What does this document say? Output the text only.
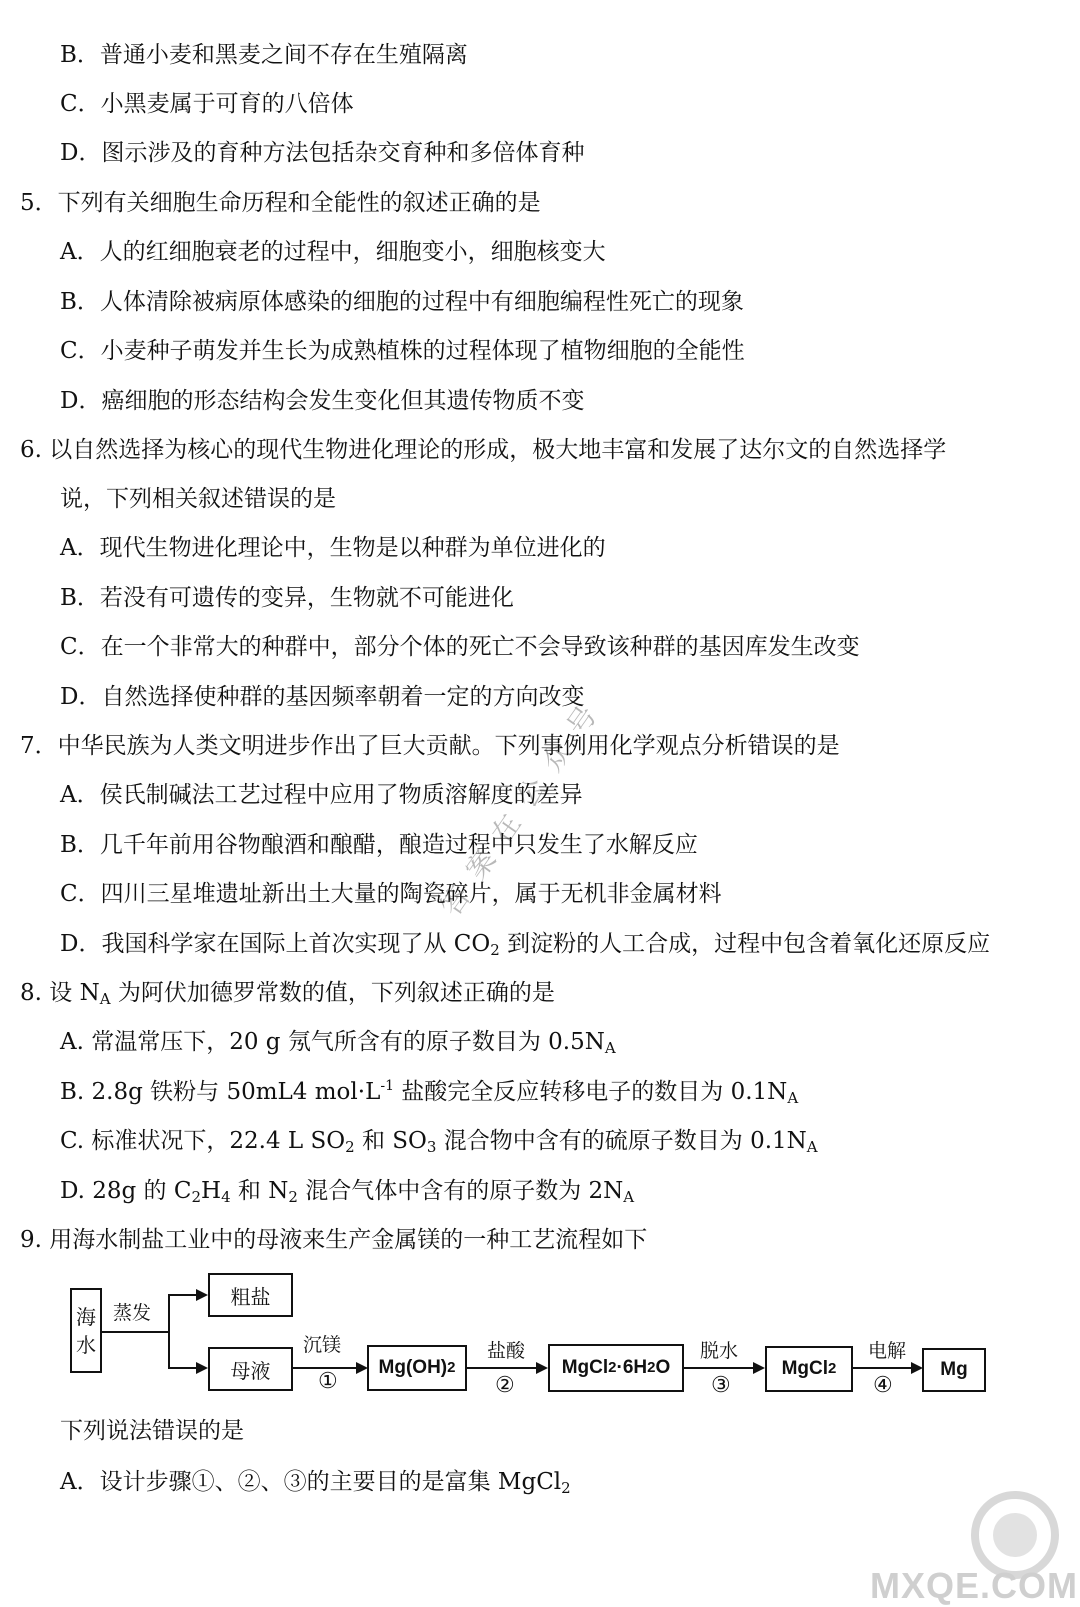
B．普通小麦和黑麦之间不存在生殖隔离
C．小黑麦属于可育的八倍体
D．图示涉及的育种方法包括杂交育种和多倍体育种
5．下列有关细胞生命历程和全能性的叙述正确的是
A．人的红细胞衰老的过程中，细胞变小，细胞核变大
B．人体清除被病原体感染的细胞的过程中有细胞编程性死亡的现象
C．小麦种子萌发并生长为成熟植株的过程体现了植物细胞的全能性
D．癌细胞的形态结构会发生变化但其遗传物质不变
6. 以自然选择为核心的现代生物进化理论的形成，极大地丰富和发展了达尔文的自然选择学
说，下列相关叙述错误的是
A．现代生物进化理论中，生物是以种群为单位进化的
B．若没有可遗传的变异，生物就不可能进化
C．在一个非常大的种群中，部分个体的死亡不会导致该种群的基因库发生改变
D．自然选择使种群的基因频率朝着一定的方向改变
7．中华民族为人类文明进步作出了巨大贡献。下列事例用化学观点分析错误的是
A．侯氏制碱法工艺过程中应用了物质溶解度的差异
B．几千年前用谷物酿酒和酿醋，酿造过程中只发生了水解反应
C．四川三星堆遗址新出土大量的陶瓷碎片，属于无机非金属材料
D．我国科学家在国际上首次实现了从 $CO_2$ 到淀粉的人工合成，过程中包含着氧化还原反应
8. 设 $N_A$ 为阿伏加德罗常数的值，下列叙述正确的是
A. 常温常压下，20 g 氖气所含有的原子数目为 $0.5N_A$
B. 2.8g 铁粉与 50mL4 $mol\cdot L^{-1}$ 盐酸完全反应转移电子的数目为 $0.1N_A$
C. 标准状况下，22.4 L $SO_2$ 和 $SO_3$ 混合物中含有的硫原子数目为 $0.1N_A$
D. 28g 的 $C_2H_4$ 和 $N_2$ 混合气体中含有的原子数为 $2N_A$
9. 用海水制盐工业中的母液来生产金属镁的一种工艺流程如下
海
水
蒸发
粗盐
母液
沉镁
①
Mg(OH) 2
盐酸
②
MgCl 2 ·6H 2 O
脱水
③
MgCl 2
电解
④
Mg
下列说法错误的是
A．设计步骤①、②、③的主要目的是富集 MgCl$_2$
答案在公众号
MXQE.COM
